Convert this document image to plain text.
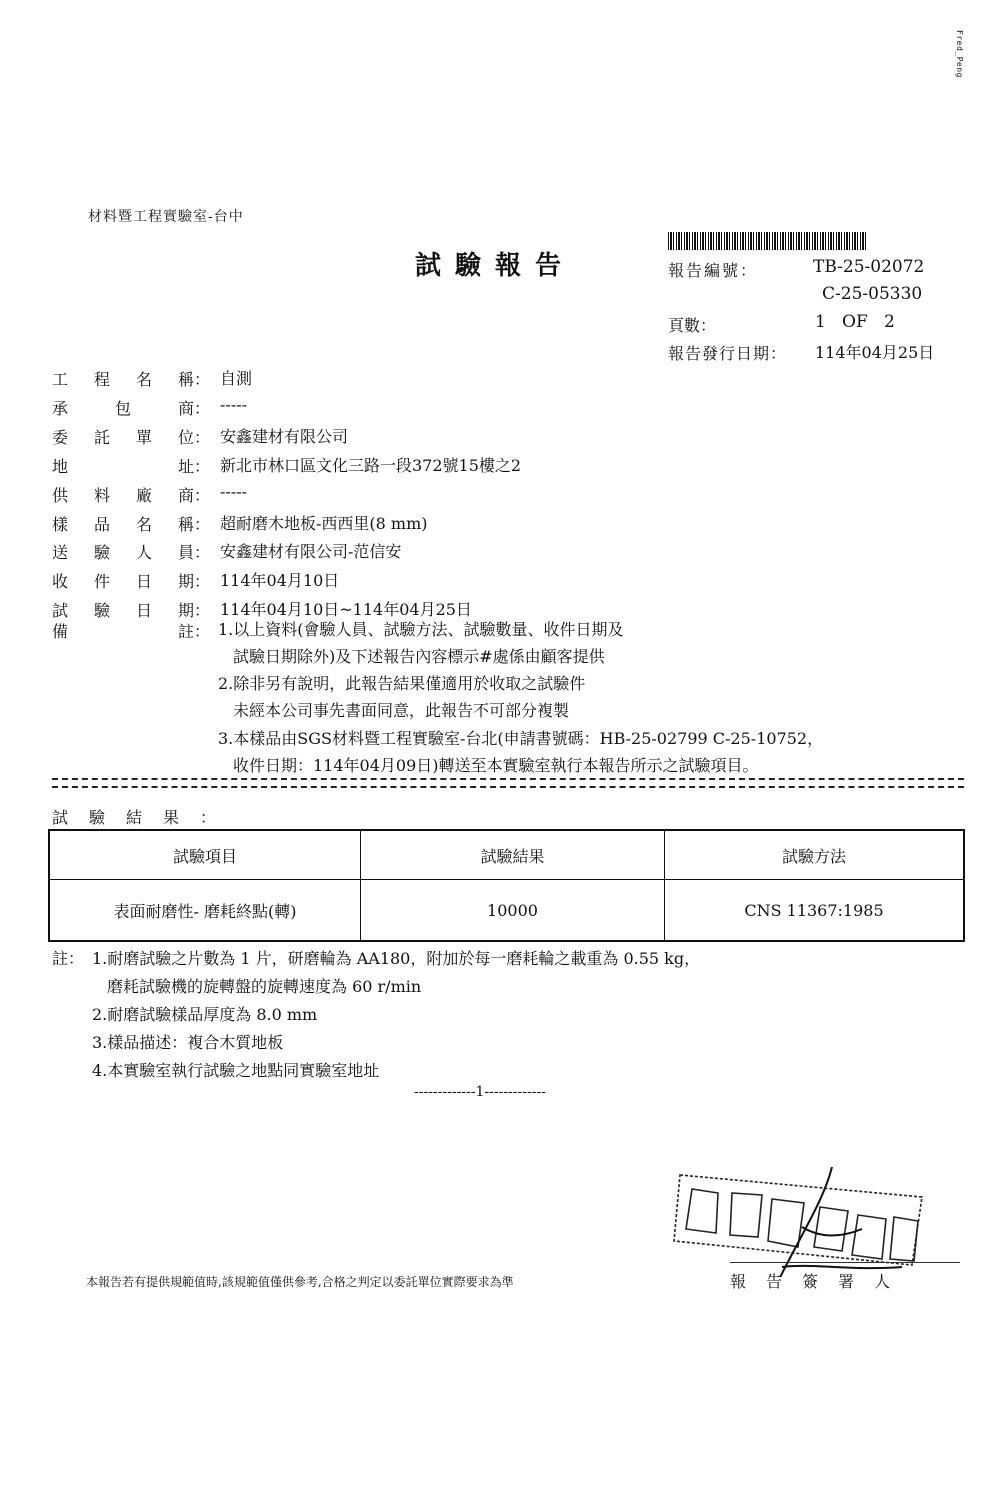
Fred_Peng
材料暨工程實驗室-台中
試驗報告	報告編號：	TB-25-02072
C-25-05330
頁數：	1   OF   2
報告發行日期： 114年04月25日
工 程 名 稱： 自測
承	包	商： -----
委 託 單 位： 安鑫建材有限公司
地	址： 新北市林口區文化三路一段372號15樓之2
供 料 廠 商： -----
樣 品 名 稱： 超耐磨木地板-西西里(8 mm)
送 驗 人 員： 安鑫建材有限公司-范信安
收 件 日 期： 114年04月10日
試 驗 日 期： 114年04月10日~114年04月25日
備	註： 1.以上資料(會驗人員、試驗方法、試驗數量、收件日期及
試驗日期除外)及下述報告內容標示#處係由顧客提供
2.除非另有說明，此報告結果僅適用於收取之試驗件
未經本公司事先書面同意，此報告不可部分複製
3.本樣品由SGS材料暨工程實驗室-台北(申請書號碼：HB-25-02799 C-25-10752，
收件日期：114年04月09日)轉送至本實驗室執行本報告所示之試驗項目。
試驗結果：
試驗項目	試驗結果	試驗方法
表面耐磨性- 磨耗終點(轉)	10000	CNS 11367:1985
註： 1.耐磨試驗之片數為 1 片，研磨輪為 AA180，附加於每一磨耗輪之載重為 0.55 kg，
磨耗試驗機的旋轉盤的旋轉速度為 60 r/min
2.耐磨試驗樣品厚度為 8.0 mm
3.樣品描述：複合木質地板
4.本實驗室執行試驗之地點同實驗室地址
-------------1-------------
本報告若有提供規範值時,該規範值僅供參考,合格之判定以委託單位實際要求為準	報告簽署人
